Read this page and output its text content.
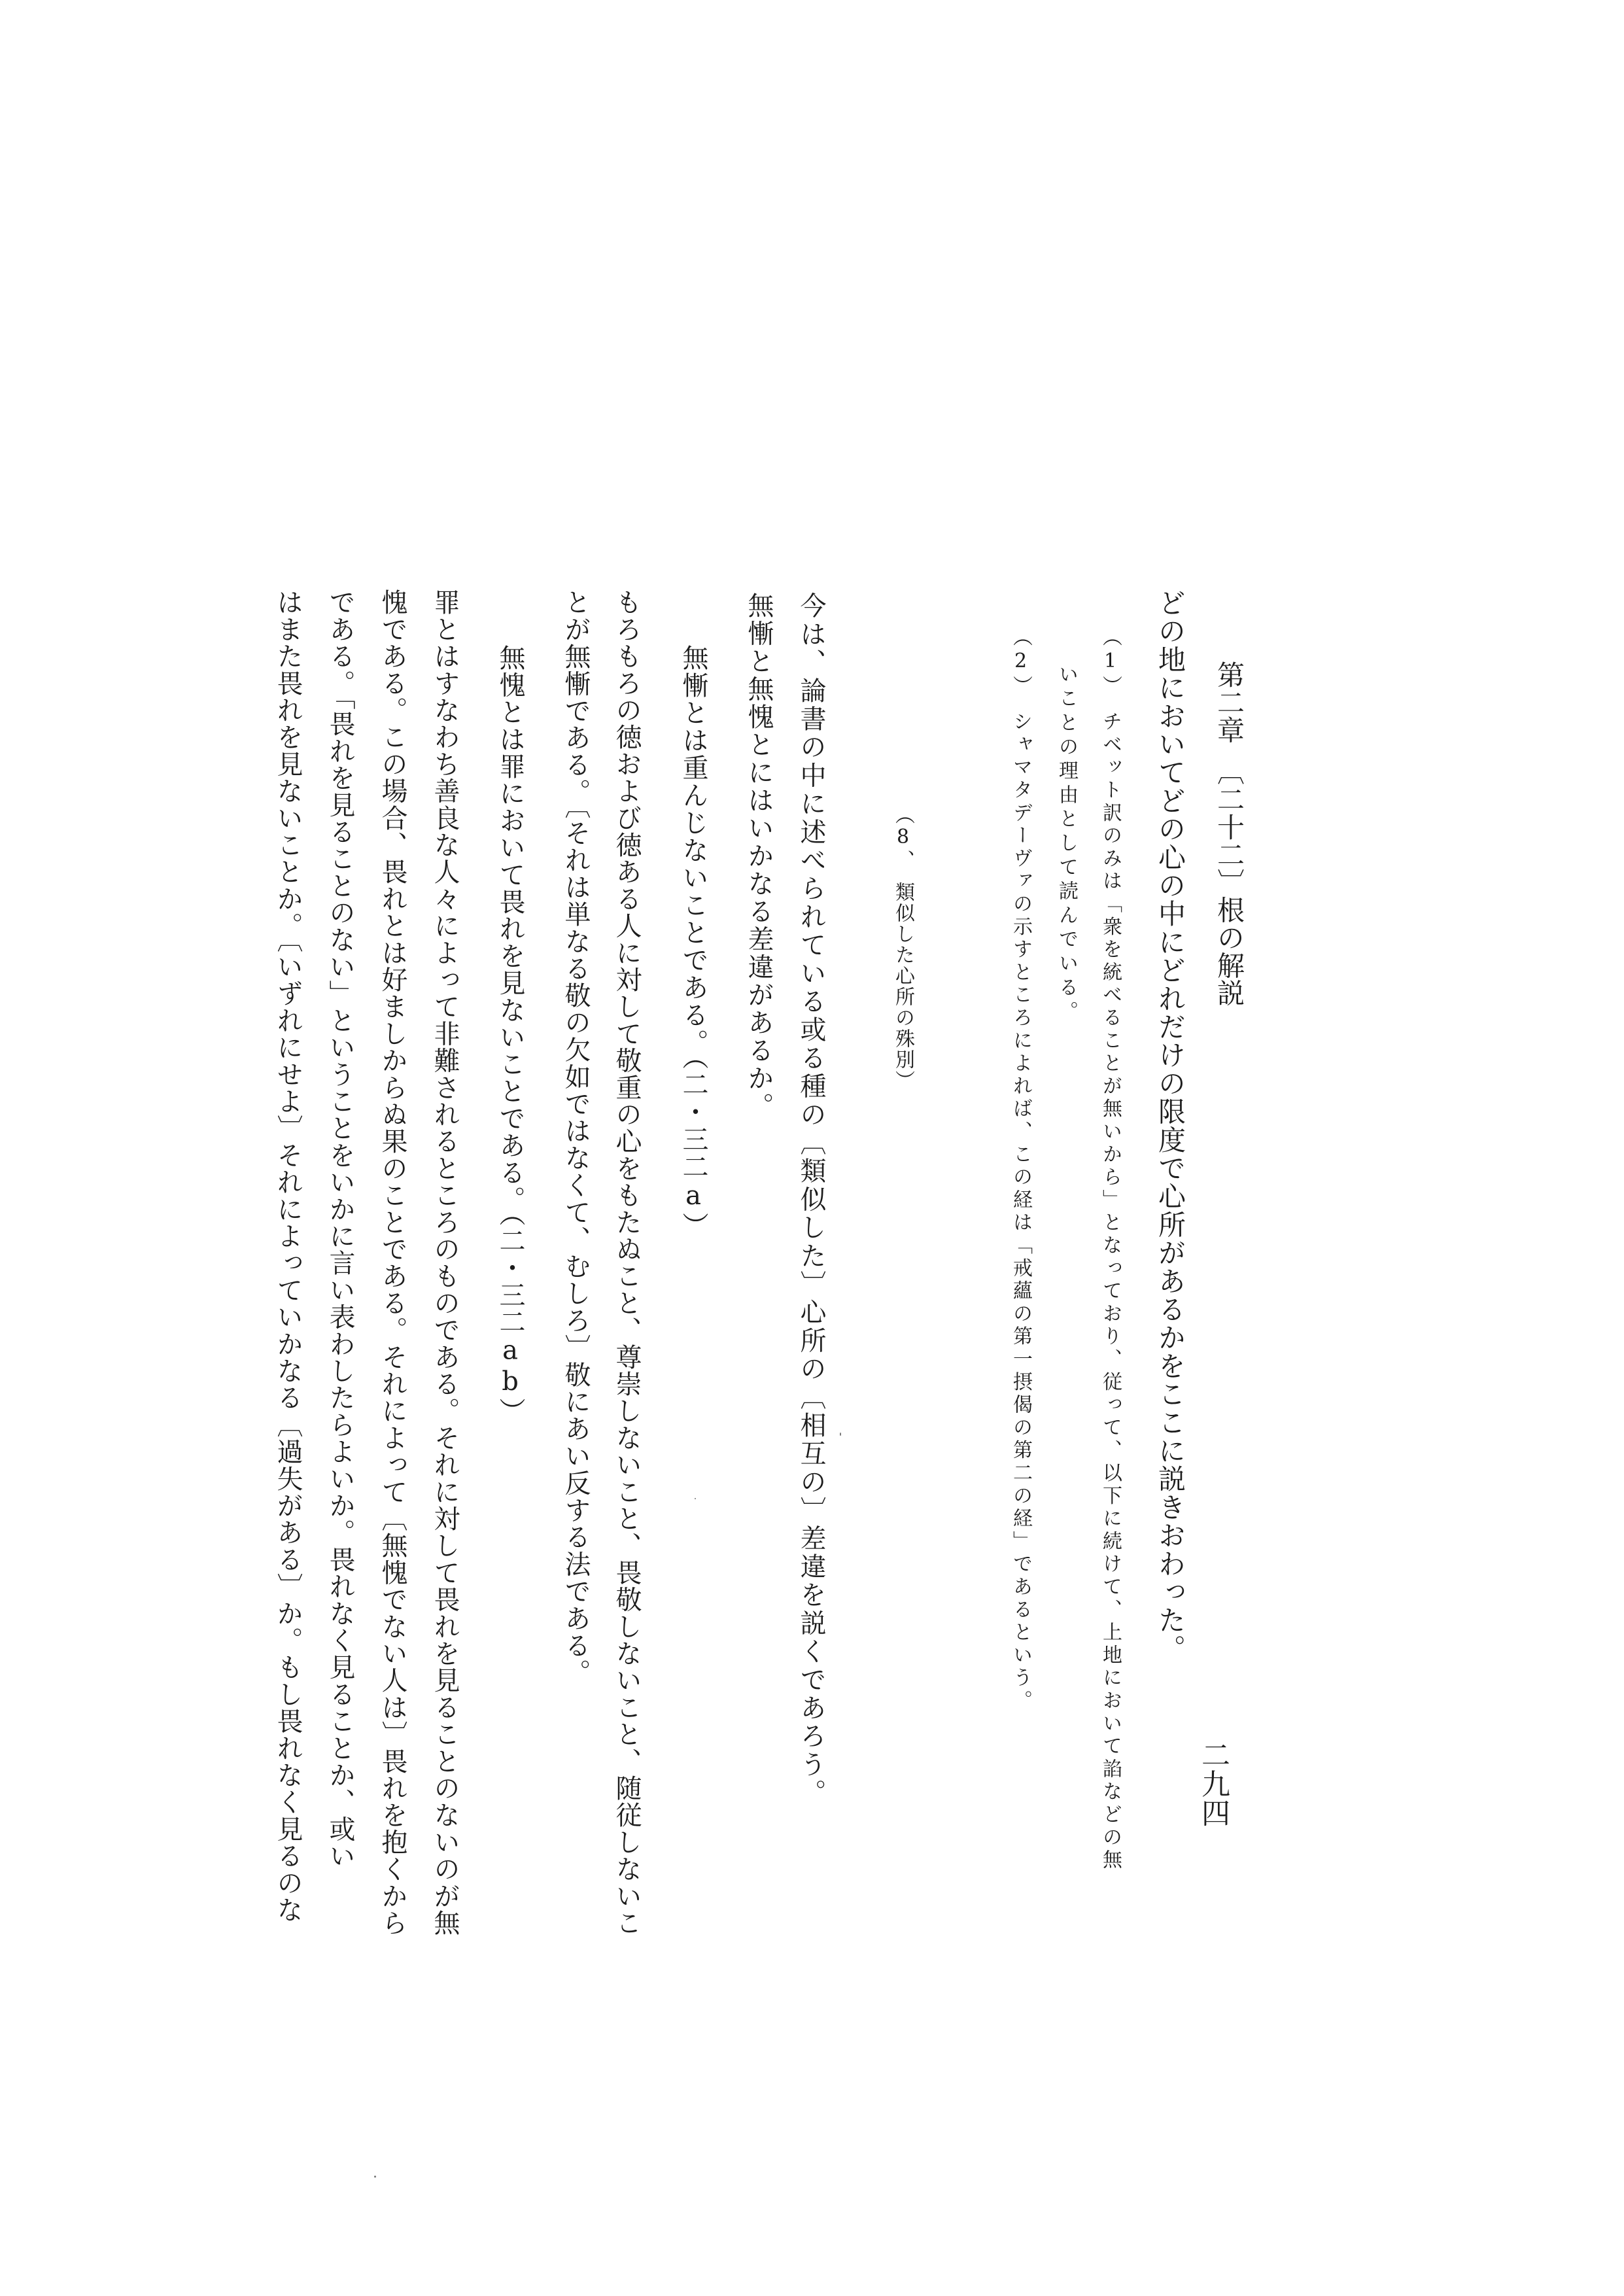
第二章　〔二十二〕根の解説
二九四
どの地においてどの心の中にどれだけの限度で心所があるかをここに説きおわった。
（1）　チベット訳のみは「衆を統べることが無いから」となっており、従って、以下に続けて、上地において諂などの無
いことの理由として読んでいる。
（2）　シャマタデーヴァの示すところによれば、この経は「戒蘊の第一摂偈の第二の経」であるという。
（8、　類似した心所の殊別）
今は、論書の中に述べられている或る種の〔類似した〕心所の〔相互の〕差違を説くであろう。
無慚と無愧とにはいかなる差違があるか。
無慚とは重んじないことである。（二・三二a）
もろもろの徳および徳ある人に対して敬重の心をもたぬこと、尊崇しないこと、畏敬しないこと、随従しないこ
とが無慚である。〔それは単なる敬の欠如ではなくて、むしろ〕敬にあい反する法である。
無愧とは罪において畏れを見ないことである。（二・三二ab）
罪とはすなわち善良な人々によって非難されるところのものである。それに対して畏れを見ることのないのが無
愧である。この場合、畏れとは好ましからぬ果のことである。それによって〔無愧でない人は〕畏れを抱くから
である。「畏れを見ることのない」ということをいかに言い表わしたらよいか。畏れなく見ることか、或い
はまた畏れを見ないことか。〔いずれにせよ〕それによっていかなる〔過失がある〕か。もし畏れなく見るのな
